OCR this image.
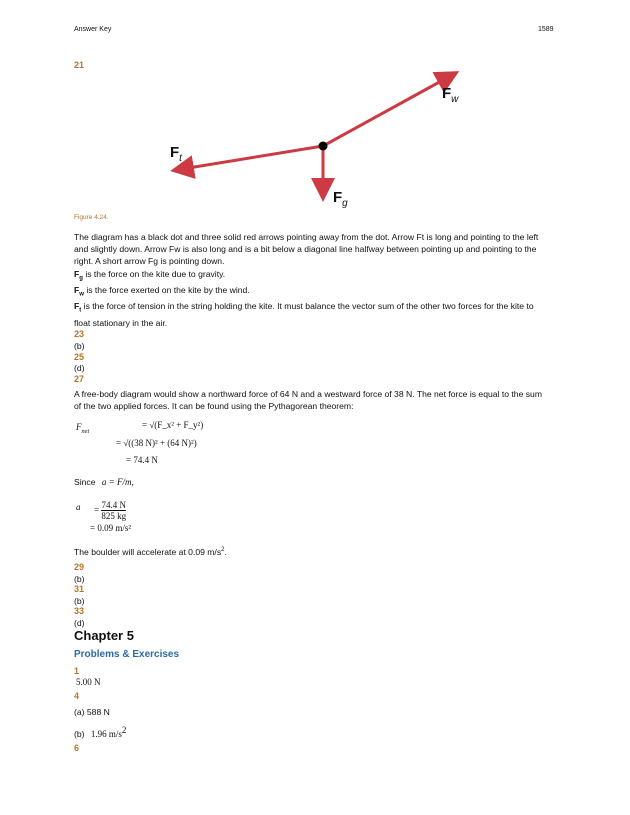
Answer Key	1589
21
$F_w$
$F_t$
$F_g$
Figure 4.24.
The diagram has a black dot and three solid red arrows pointing away from the dot. Arrow Ft is long and pointing to the left and slightly down. Arrow Fw is also long and is a bit below a diagonal line halfway between pointing up and pointing to the right. A short arrow Fg is pointing down.
$F_g$ is the force on the kite due to gravity.
$F_w$ is the force exerted on the kite by the wind.
$F_t$ is the force of tension in the string holding the kite. It must balance the vector sum of the other two forces for the kite to float stationary in the air.
23
(b)
25
(d)
27
A free-body diagram would show a northward force of 64 N and a westward force of 38 N. The net force is equal to the sum of the two applied forces. It can be found using the Pythagorean theorem:
$F_{net}$
= √(F_x² + F_y²)
= √((38 N)² + (64 N)²)
= 74.4 N
Since a = F/m,
$a = \frac{74.4 N}{825 kg}$
= 0.09 m/s²
The boulder will accelerate at 0.09 $m/s^2$.
29
(b)
31
(b)
33
(d)
Chapter 5
Problems & Exercises
1
5.00 N
4
(a) 588 N
(b) 1.96 $m/s^2$
6
